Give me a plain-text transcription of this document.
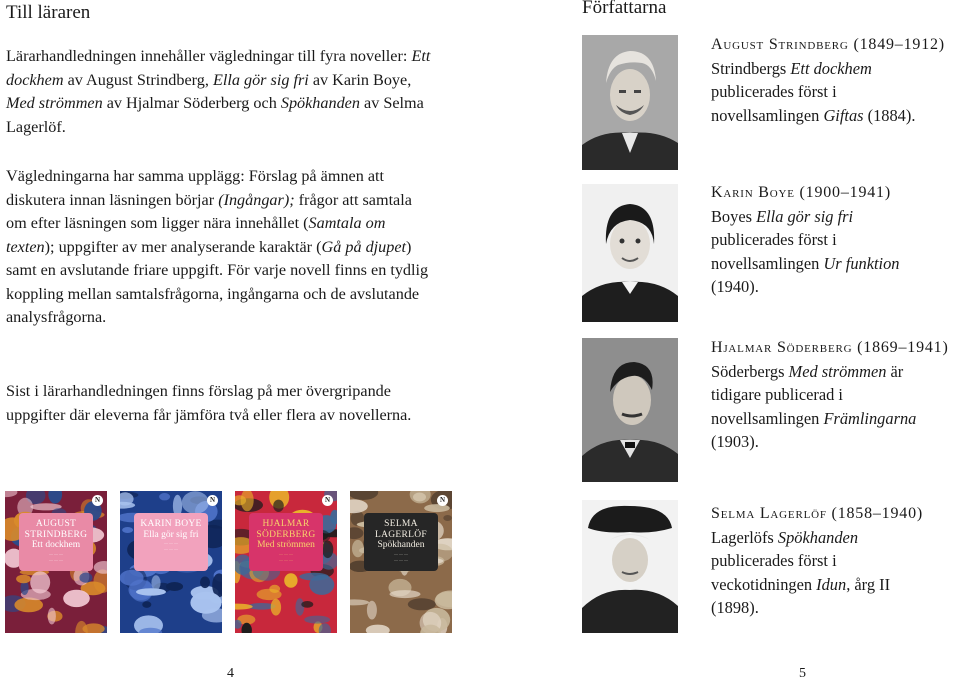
Till läraren

Lärarhandledningen innehåller vägledningar till fyra noveller: Ett dockhem av August Strindberg, Ella gör sig fri av Karin Boye, Med strömmen av Hjalmar Söderberg och Spökhanden av Selma Lagerlöf.

Vägledningarna har samma upplägg: Förslag på ämnen att diskutera innan läsningen börjar (Ingångar); frågor att samtala om efter läsningen som ligger nära innehållet (Samtala om texten); uppgifter av mer analyserande karaktär (Gå på djupet) samt en avslutande friare uppgift. För varje novell finns en tydlig koppling mellan samtalsfrågorna, ingångarna och de avslutande analysfrågorna.

Sist i lärarhandledningen finns förslag på mer övergripande uppgifter där eleverna får jämföra två eller flera av novellerna.

AUGUST STRINDBERG
Ett dockhem
— — —
— — —
N
KARIN BOYE
Ella gör sig fri
— — —
— — —
N
HJALMAR SÖDERBERG
Med strömmen
— — —
— — —
N
SELMA LAGERLÖF
Spökhanden
— — —
— — —
N
4
Författarna
August Strindberg (1849–1912)
Strindbergs Ett dockhem publicerades först i novellsamlingen Giftas (1884).
Karin Boye (1900–1941)
Boyes Ella gör sig fri publicerades först i novellsamlingen Ur funktion (1940).
Hjalmar Söderberg (1869–1941)
Söderbergs Med strömmen är tidigare publicerad i novellsamlingen Främlingarna (1903).
Selma Lagerlöf (1858–1940)
Lagerlöfs Spökhanden publicerades först i veckotidningen Idun, årg II (1898).
5
